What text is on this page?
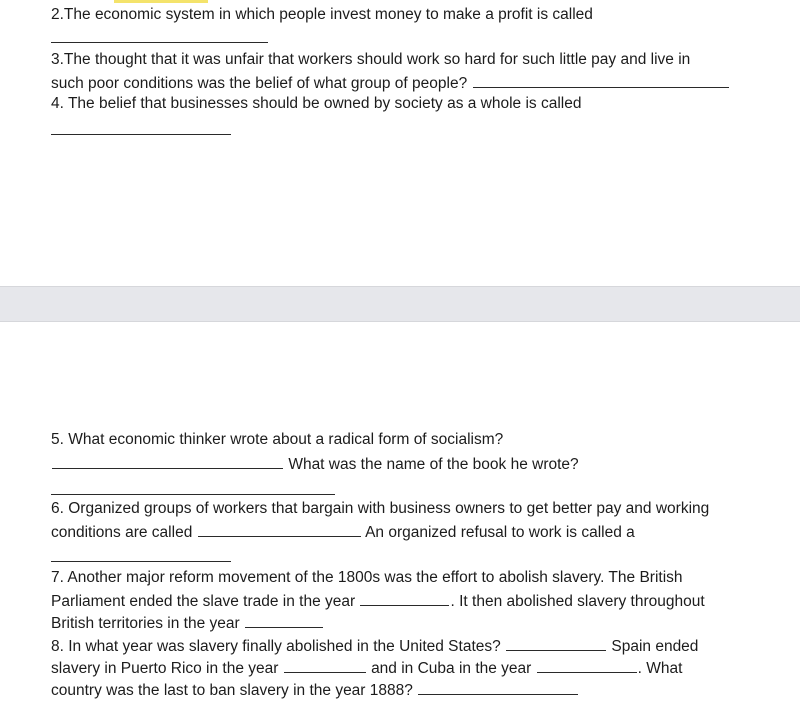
2.The economic system in which people invest money to make a profit is called
3.The thought that it was unfair that workers should work so hard for such little pay and live in
such poor conditions was the belief of what group of people?
4. The belief that businesses should be owned by society as a whole is called
5. What economic thinker wrote about a radical form of socialism?
What was the name of the book he wrote?
6. Organized groups of workers that bargain with business owners to get better pay and working
conditions are called	An organized refusal to work is called a
7. Another major reform movement of the 1800s was the effort to abolish slavery. The British
Parliament ended the slave trade in the year	. It then abolished slavery throughout
British territories in the year
8. In what year was slavery finally abolished in the United States?	Spain ended
slavery in Puerto Rico in the year	and in Cuba in the year	. What
country was the last to ban slavery in the year 1888?
